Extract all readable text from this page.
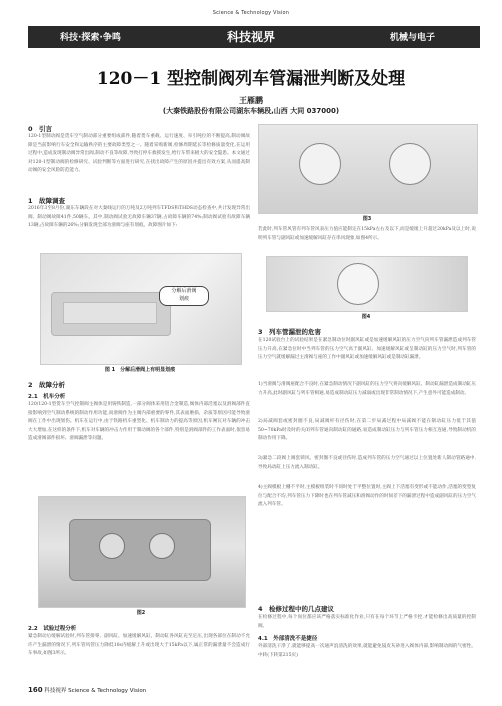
Science & Technology Vision
科技·探索·争鸣	科技视界	机械与电子
120－1 型控制阀列车管漏泄判断及处理
王雁鹏
(大秦铁路股份有限公司湖东车辆段,山西 大同 037000)
0　引言
120-1型制动阀是货车空气制动部分重要组成部件,随着货车重载、运行速度、牵引吨位的不断提高,制动阀故障是当前影响行车安全和运输秩序的主要故障类型之一。随着采购新阀,检修周期延长等检修质量变化,在运用过程中,造成发现制动阀异常出阀,制动不良等故障,导致打停车救援发生,给行车带来极大的安全隐患。本文通过对120-1型制动阀的检修研究、试验判断等方面进行研究,在找出故障产生的原因并提出有效方案,从而提高制动阀的安全风险防范能力。
1　故障调查
2016年3至8月份,湖东车辆段在对大秦线运行的万吨及2万吨列车TFDS和THDS动态检查中,共计发现异常出阀、制动阀故障41件,50辆车。其中,制动阀试验无故障车辆37辆,占故障车辆的74%;制动阀试验有故障车辆13辆,占故障车辆的26%;分解发现全部为滑阀与座有划痕。故障图片如下:
分解后滑阀
划痕
图 1　分解后滑阀上有明显划痕
2　故障分析
2.1　机车分析
120/120-1型货车空气控制阀主阀体是用铸铁制造,一部分阀体采用铝合金制造,阀体内部活塞以及滑阀部件直接影响到空气制动系统的制动作用功能,而滑阀作为主阀内部重要的零件,其表面磨损、杂质等原因可能导致滑阀在工作中出现划伤。机车在运行中,由于铁路机车重型化、机车制动力的提高等原因,机车闸瓦对车辆的冲击大大增加,在这样的条件下,机车对车辆的冲击力作用于制动阀的各个部件,特别是滑阀部件的工作表面时,很容易造成滑阀部件损坏、滑阀漏泄等问题。
图2
2.2　试验过程分析
紧急制动后缓解试验时,列车管排零、副风缸、加速缓解风缸、制动缸各风缸充至定压,出现各部位在制动不允许产生漏泄的情况下,列车管风管压力降低10s内缓解上升或出现大于15kPa以下,属正常的漏泄量不会造成行车事故,如图3所示。
图3
若此时,列车管风管有列车管风表压力值应能制定在15kPa左右及以下,而是缓缓上升超过20kPa及以上时,说明列车管与副风缸或加速缓解风缸存在串风现象,如图4所示。
图4
3　列车管漏泄的危害
在120试验台上的试验结果是在紧急制动位时副风缸或是加速缓解风缸的压力空气向列车管漏泄造成列车管压力升高,在紧急位时中当列车管的压力空气高于副风缸、加速缓解风缸或呈制动缸的压力空气时,列车管的压力空气就缓解漏过主滑阀与座的工作中副风缸或加速缓解风缸或是制动缸漏泄。
1)当滑阀与滑阀座配合不良时,在紧急制动情况下副风缸的压力空气将向缓解风缸、制动缸漏泄造成制动缸压力升高,此时副风缸与列车管相通,易造成制动缸压力减弱或出现非常制动情况下,产生意外可能造成制动。
2)局减阀套或密封圈不良,局减阀杆有径伤时,在第二步局减过程中局减阀不能在制动缸压力低于其值50~70kPa时及时的关闭列车管通向制动缸的通路,易造成制动缸压力与列车管压力相互连通,导致制动机的制动作用下降。
3)紧急二段阀上阀套锁风、密封圈不良或径伤时,造成列车管的压力空气通过以上位置处新人制动管路通中,导致局动缸上压力流入制动缸。
4)主阀模板上栅不平时,主模板组装时不同时处于平整位置时,主阀上下活塞有变形或不能动作,活塞的变型复位与配合不均,列车管压力下降时也在列车管减压和滑阀动作的时间差下的漏泄过程中造成副风缸的压力空气流入列车管。
4　检修过程中的几点建议
在检修过程中,每个岗位都应该严格落实标准化作业,只有在每个环节上严格卡控,才能检修出高质量的控制阀。
4.1　外部清洗不是捷径
外部清洗干净了,就能够提高一次通声浪清洗的效果,就能避免镜皮灰砂进入阀体内部,影响制动阀的气密性。中转(下转第215页)
160 科技视界 Science & Technology Vision
